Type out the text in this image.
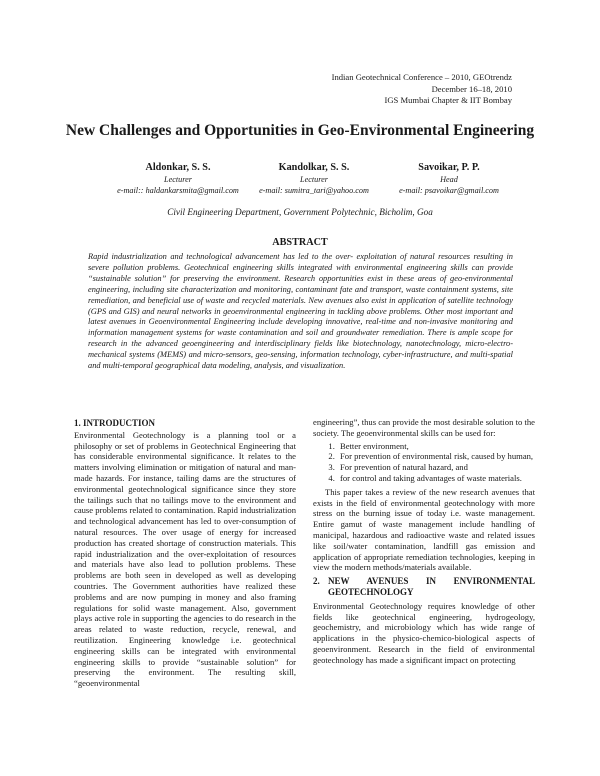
Indian Geotechnical Conference – 2010, GEOtrendz
December 16–18, 2010
IGS Mumbai Chapter & IIT Bombay
New Challenges and Opportunities in Geo-Environmental Engineering
Aldonkar, S. S.
Lecturer
e-mail:: haldankarsmita@gmail.com
Kandolkar, S. S.
Lecturer
e-mail: sumitra_tari@yahoo.com
Savoikar, P. P.
Head
e-mail: psavoikar@gmail.com
Civil Engineering Department, Government Polytechnic, Bicholim, Goa
ABSTRACT
Rapid industrialization and technological advancement has led to the over- exploitation of natural resources resulting in severe pollution problems. Geotechnical engineering skills integrated with environmental engineering skills can provide “sustainable solution” for preserving the environment. Research opportunities exist in these areas of geo-environmental engineering, including site characterization and monitoring, contaminant fate and transport, waste containment systems, site remediation, and beneficial use of waste and recycled materials. New avenues also exist in application of satellite technology (GPS and GIS) and neural networks in geoenvironmental engineering in tackling above problems. Other most important and latest avenues in Geoenvironmental Engineering include developing innovative, real-time and non-invasive monitoring and information management systems for waste contamination and soil and groundwater remediation. There is ample scope for research in the advanced geoengineering and interdisciplinary fields like biotechnology, nanotechnology, micro-electro-mechanical systems (MEMS) and micro-sensors, geo-sensing, information technology, cyber-infrastructure, and multi-spatial and multi-temporal geographical data modeling, analysis, and visualization.
1. INTRODUCTION

Environmental Geotechnology is a planning tool or a philosophy or set of problems in Geotechnical Engineering that has considerable environmental significance. It relates to the matters involving elimination or mitigation of natural and man-made hazards. For instance, tailing dams are the structures of environmental geotechnological significance since they store the tailings such that no tailings move to the environment and cause problems related to contamination. Rapid industrialization and technological advancement has led to over-consumption of natural resources. The over usage of energy for increased production has created shortage of construction materials. This rapid industrialization and the over-exploitation of resources and materials have also lead to pollution problems. These problems are both seen in developed as well as developing countries. The Government authorities have realized these problems and are now pumping in money and also framing regulations for solid waste management. Also, government plays active role in supporting the agencies to do research in the areas related to waste reduction, recycle, renewal, and reutilization. Engineering knowledge i.e. geotechnical engineering skills can be integrated with environmental engineering skills to provide “sustainable solution” for preserving the environment. The resulting skill, “geoenvironmental

engineering”, thus can provide the most desirable solution to the society. The geoenvironmental skills can be used for:

1. Better environment,
2. For prevention of environmental risk, caused by human,
3. For prevention of natural hazard, and
4. for control and taking advantages of waste materials.

This paper takes a review of the new research avenues that exists in the field of environmental geotechnology with more stress on the burning issue of today i.e. waste management. Entire gamut of waste management include handling of manicipal, hazardous and radioactive waste and related issues like soil/water contamination, landfill gas emission and application of appropriate remediation technologies, keeping in view the modern methods/materials available.

2. NEW AVENUES IN ENVIRONMENTAL GEOTECHNOLOGY

Environmental Geotechnology requires knowledge of other fields like geotechnical engineering, hydrogeology, geochemistry, and microbiology which has wide range of applications in the physico-chemico-biological aspects of geoenvironment. Research in the field of environmental geotechnology has made a significant impact on protecting
